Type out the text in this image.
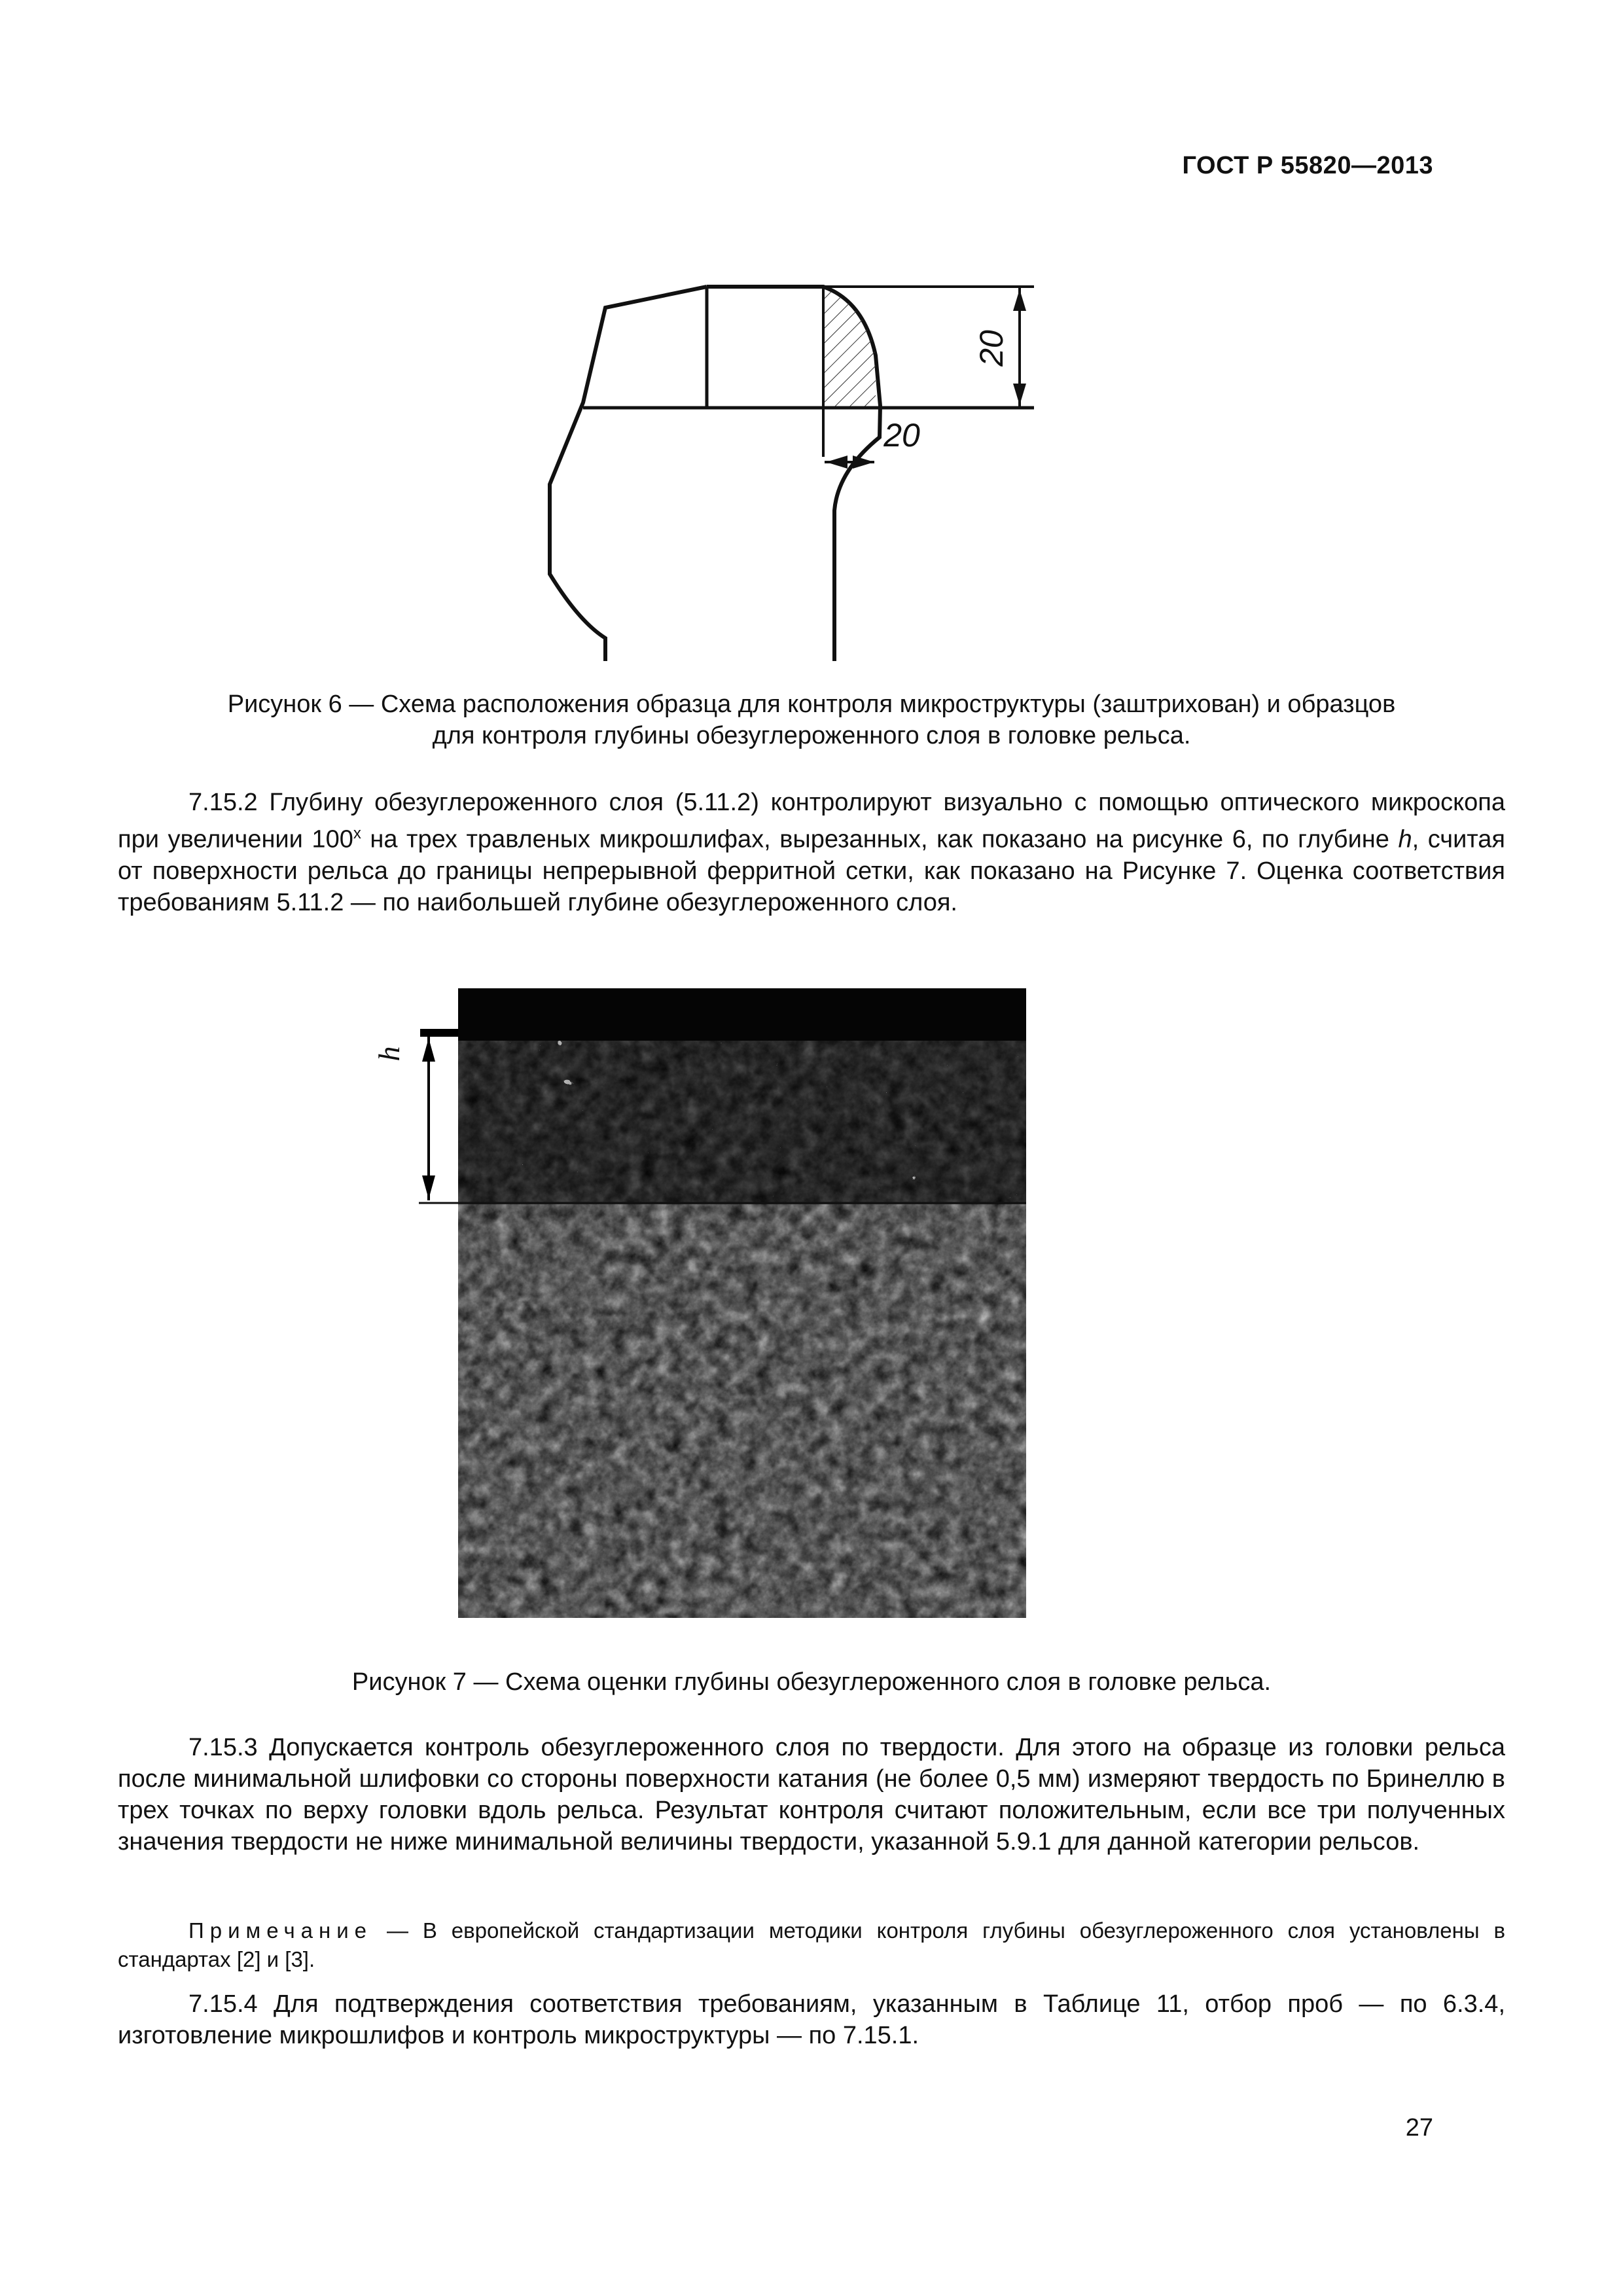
ГОСТ Р 55820—2013
20
20

Рисунок 6 — Схема расположения образца для контроля микроструктуры (заштрихован) и образцов
для контроля глубины обезуглероженного слоя в головке рельса.

7.15.2 Глубину обезуглероженного слоя (5.11.2) контролируют визуально с помощью оптического микроскопа при увеличении $100^х$ на трех травленых микрошлифах, вырезанных, как показано на рисунке 6, по глубине h, считая от поверхности рельса до границы непрерывной ферритной сетки, как показано на Рисунке 7. Оценка соответствия требованиям 5.11.2 — по наибольшей глубине обезуглероженного слоя.

h

Рисунок 7 — Схема оценки глубины обезуглероженного слоя в головке рельса.

7.15.3 Допускается контроль обезуглероженного слоя по твердости. Для этого на образце из головки рельса после минимальной шлифовки со стороны поверхности катания (не более 0,5 мм) измеряют твердость по Бринеллю в трех точках по верху головки вдоль рельса. Результат контроля считают положительным, если все три полученных значения твердости не ниже минимальной величины твердости, указанной 5.9.1 для данной категории рельсов.

Примечание — В европейской стандартизации методики контроля глубины обезуглероженного слоя установлены в стандартах [2] и [3].

7.15.4 Для подтверждения соответствия требованиям, указанным в Таблице 11, отбор проб — по 6.3.4, изготовление микрошлифов и контроль микроструктуры — по 7.15.1.

27
